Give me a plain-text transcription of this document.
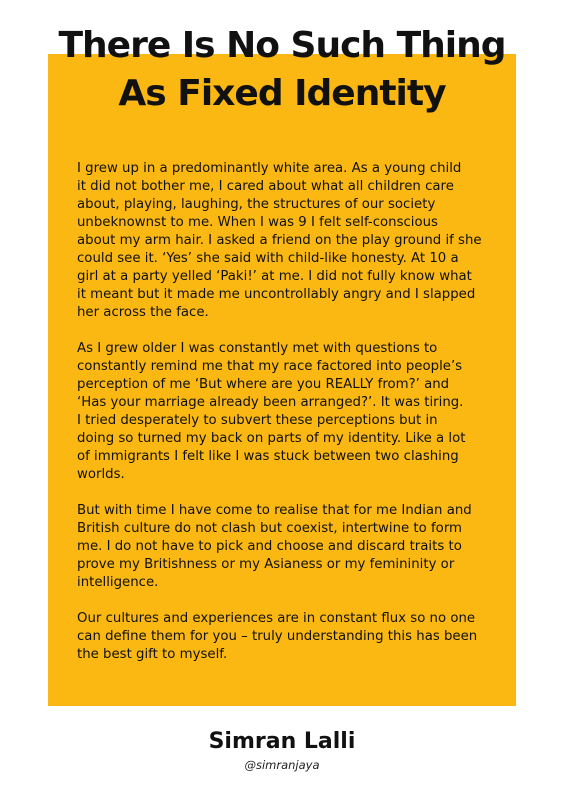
There Is No Such Thing
As Fixed Identity

I grew up in a predominantly white area. As a young child
it did not bother me, I cared about what all children care
about, playing, laughing, the structures of our society
unbeknownst to me. When I was 9 I felt self-conscious
about my arm hair. I asked a friend on the play ground if she
could see it. ‘Yes’ she said with child-like honesty. At 10 a
girl at a party yelled ‘Paki!’ at me. I did not fully know what
it meant but it made me uncontrollably angry and I slapped
her across the face.

As I grew older I was constantly met with questions to
constantly remind me that my race factored into people’s
perception of me ‘But where are you REALLY from?’ and
‘Has your marriage already been arranged?’. It was tiring.
I tried desperately to subvert these perceptions but in
doing so turned my back on parts of my identity. Like a lot
of immigrants I felt like I was stuck between two clashing
worlds.

But with time I have come to realise that for me Indian and
British culture do not clash but coexist, intertwine to form
me. I do not have to pick and choose and discard traits to
prove my Britishness or my Asianess or my femininity or
intelligence.

Our cultures and experiences are in constant flux so no one
can define them for you – truly understanding this has been
the best gift to myself.

Simran Lalli
@simranjaya
